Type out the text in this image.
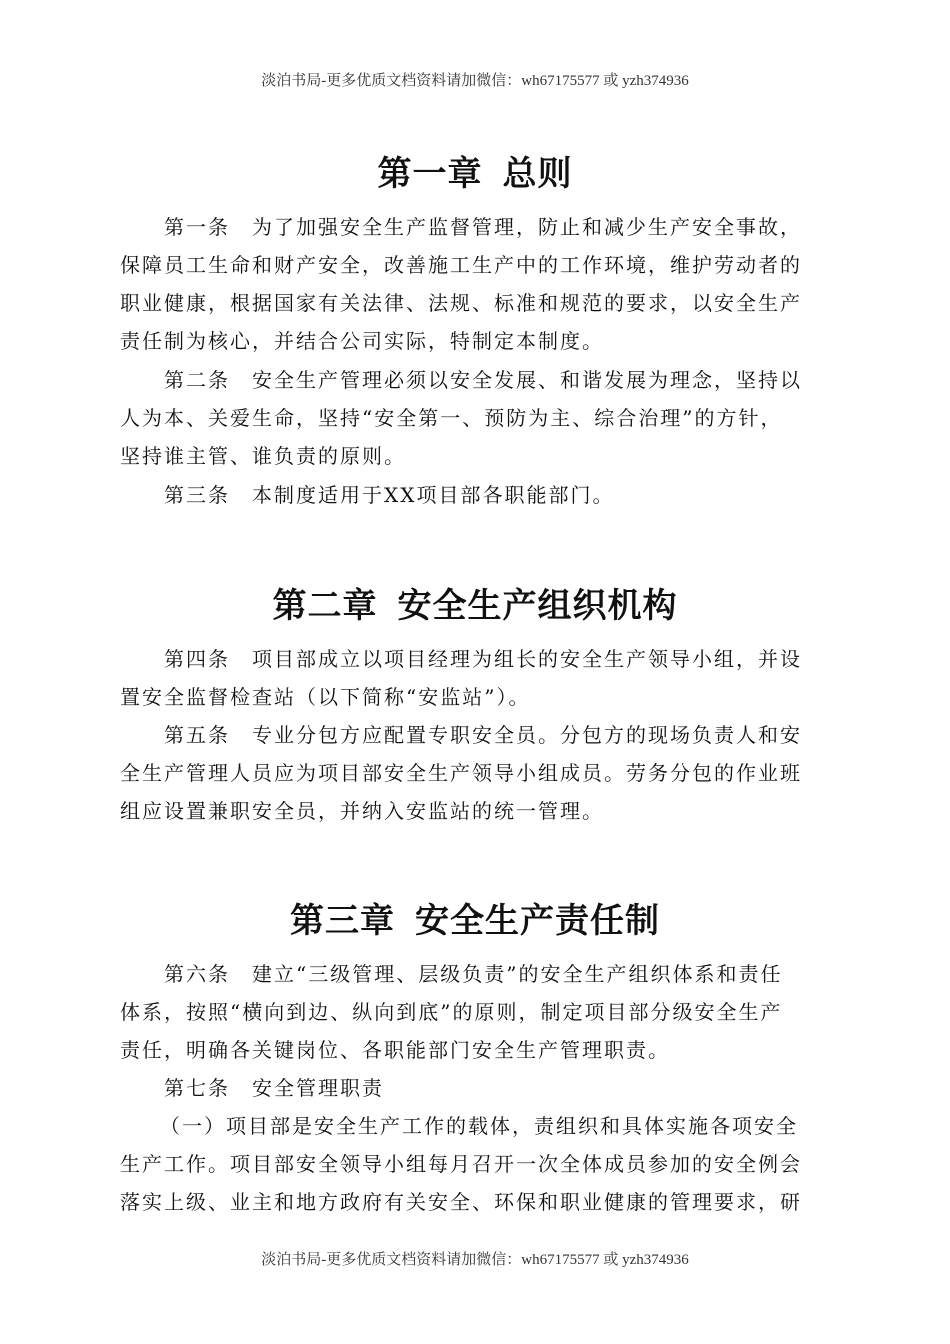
淡泊书局-更多优质文档资料请加微信：wh67175577 或 yzh374936
第一章 总则
第一条 为了加强安全生产监督管理，防止和减少生产安全事故，
保障员工生命和财产安全，改善施工生产中的工作环境，维护劳动者的
职业健康，根据国家有关法律、法规、标准和规范的要求，以安全生产
责任制为核心，并结合公司实际，特制定本制度。
第二条 安全生产管理必须以安全发展、和谐发展为理念，坚持以
人为本、关爱生命，坚持“安全第一、预防为主、综合治理”的方针，
坚持谁主管、谁负责的原则。
第三条 本制度适用于XX项目部各职能部门。
第二章 安全生产组织机构
第四条 项目部成立以项目经理为组长的安全生产领导小组，并设
置安全监督检查站（以下简称“安监站”）。
第五条 专业分包方应配置专职安全员。分包方的现场负责人和安
全生产管理人员应为项目部安全生产领导小组成员。劳务分包的作业班
组应设置兼职安全员，并纳入安监站的统一管理。
第三章 安全生产责任制
第六条 建立“三级管理、层级负责”的安全生产组织体系和责任
体系，按照“横向到边、纵向到底”的原则，制定项目部分级安全生产
责任，明确各关键岗位、各职能部门安全生产管理职责。
第七条 安全管理职责
（一）项目部是安全生产工作的载体，责组织和具体实施各项安全
生产工作。项目部安全领导小组每月召开一次全体成员参加的安全例会
落实上级、业主和地方政府有关安全、环保和职业健康的管理要求，研
淡泊书局-更多优质文档资料请加微信：wh67175577 或 yzh374936
